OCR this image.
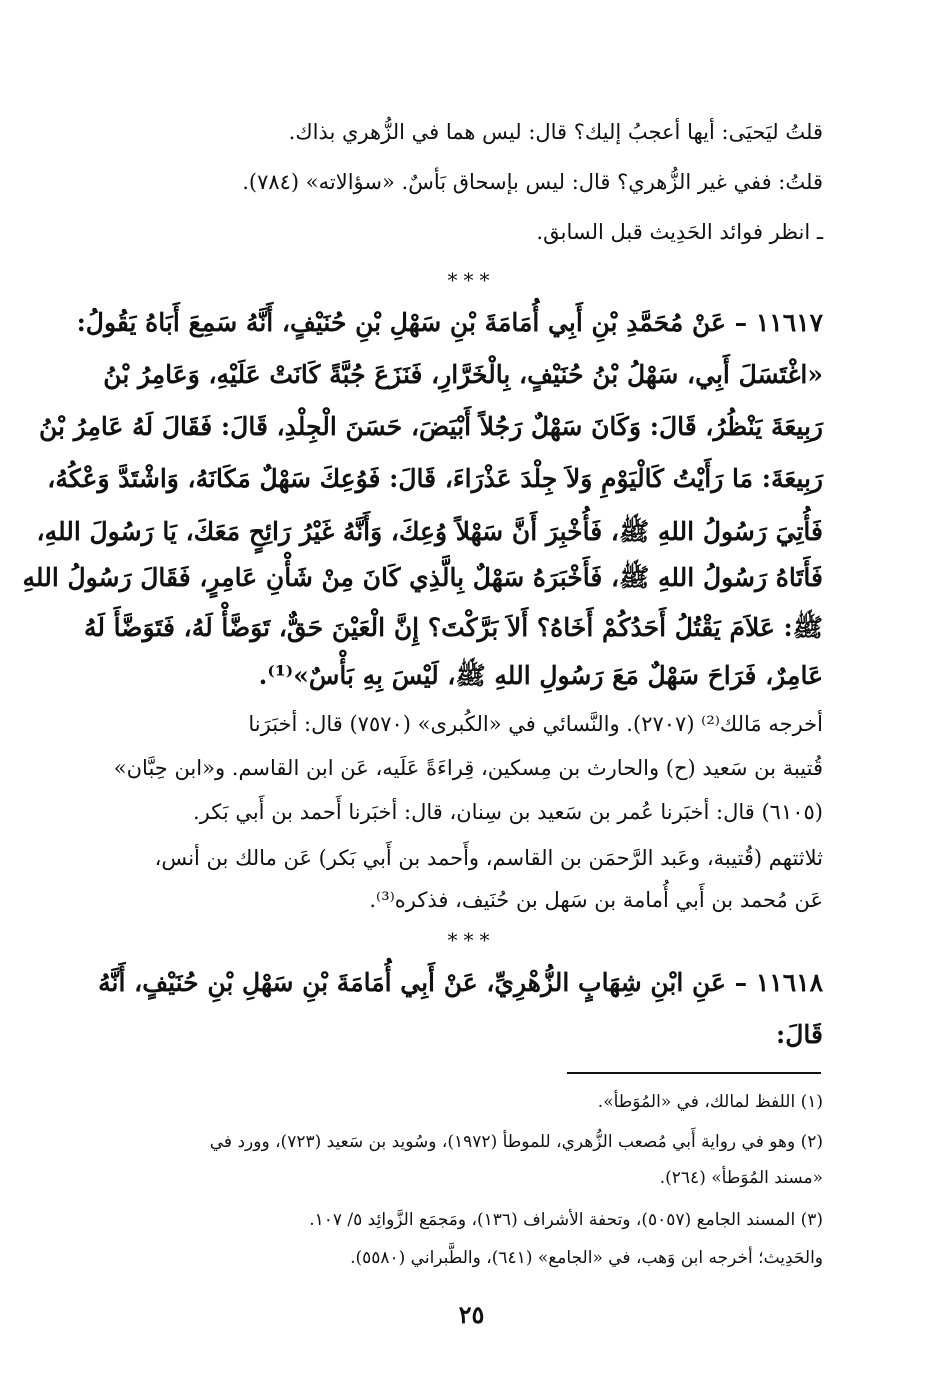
قلتُ ليَحيَى: أيها أعجبُ إليك؟ قال: ليس هما في الزُّهري بذاك.
قلتُ: ففي غير الزُّهري؟ قال: ليس بإسحاق بَأسٌ. «سؤالاته» (٧٨٤).
ـ انظر فوائد الحَدِيث قبل السابق.
***
١١٦١٧ – عَنْ مُحَمَّدِ بْنِ أَبِي أُمَامَةَ بْنِ سَهْلِ بْنِ حُنَيْفٍ، أَنَّهُ سَمِعَ أَبَاهُ يَقُولُ:
«اغْتَسَلَ أَبِي، سَهْلُ بْنُ حُنَيْفٍ، بِالْخَرَّارِ، فَنَزَعَ جُبَّةً كَانَتْ عَلَيْهِ، وَعَامِرُ بْنُ
رَبِيعَةَ يَنْظُرُ، قَالَ: وَكَانَ سَهْلٌ رَجُلاً أَبْيَضَ، حَسَنَ الْجِلْدِ، قَالَ: فَقَالَ لَهُ عَامِرُ بْنُ
رَبِيعَةَ: مَا رَأَيْتُ كَالْيَوْمِ وَلاَ جِلْدَ عَذْرَاءَ، قَالَ: فَوُعِكَ سَهْلٌ مَكَانَهُ، وَاشْتَدَّ وَعْكُهُ،
فَأُتِيَ رَسُولُ اللهِ ﷺ، فَأُخْبِرَ أَنَّ سَهْلاً وُعِكَ، وَأَنَّهُ غَيْرُ رَائِحٍ مَعَكَ، يَا رَسُولَ اللهِ،
فَأَتَاهُ رَسُولُ اللهِ ﷺ، فَأَخْبَرَهُ سَهْلٌ بِالَّذِي كَانَ مِنْ شَأْنِ عَامِرٍ، فَقَالَ رَسُولُ اللهِ
ﷺ: عَلاَمَ يَقْتُلُ أَحَدُكُمْ أَخَاهُ؟ أَلاَ بَرَّكْتَ؟ إِنَّ الْعَيْنَ حَقٌّ، تَوَضَّأْ لَهُ، فَتَوَضَّأَ لَهُ
عَامِرٌ، فَرَاحَ سَهْلٌ مَعَ رَسُولِ اللهِ ﷺ، لَيْسَ بِهِ بَأْسٌ»⁽¹⁾.
أخرجه مَالك⁽²⁾ (٢٧٠٧). والنَّسائي في «الكُبرى» (٧٥٧٠) قال: أخبَرَنا
قُتيبة بن سَعيد (ح) والحارث بن مِسكين، قِراءَةً عَلَيه، عَن ابن القاسم. و«ابن حِبَّان»
(٦١٠٥) قال: أخبَرنا عُمر بن سَعيد بن سِنان، قال: أخبَرنا أَحمد بن أَبي بَكر.
ثلاثتهم (قُتيبة، وعَبد الرَّحمَن بن القاسم، وأَحمد بن أَبي بَكر) عَن مالك بن أنس،
عَن مُحمد بن أَبي أُمامة بن سَهل بن حُنَيف، فذكره⁽³⁾.
***
١١٦١٨ – عَنِ ابْنِ شِهَابٍ الزُّهْرِيِّ، عَنْ أَبِي أُمَامَةَ بْنِ سَهْلِ بْنِ حُنَيْفٍ، أَنَّهُ
قَالَ:
(١) اللفظ لمالك، في «المُوَطأ».
(٢) وهو في رواية أَبي مُصعب الزُّهري، للموطأ (١٩٧٢)، وسُويد بن سَعيد (٧٢٣)، وورد في
«مسند المُوَطأ» (٢٦٤).
(٣) المسند الجامع (٥٠٥٧)، وتحفة الأشراف (١٣٦)، ومَجمَع الزَّوائِد ٥/ ١٠٧.
والحَدِيث؛ أخرجه ابن وَهب، في «الجامع» (٦٤١)، والطَّبراني (٥٥٨٠).
٢٥
